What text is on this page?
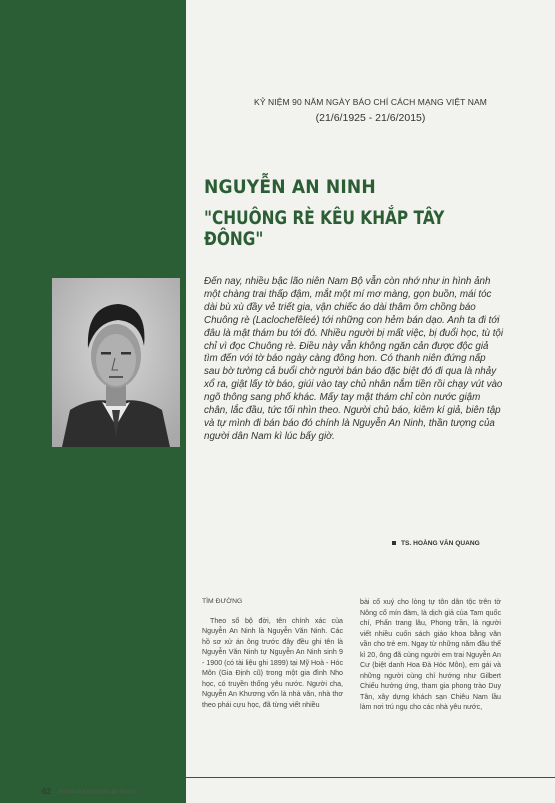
KỶ NIỆM 90 NĂM NGÀY BÁO CHÍ CÁCH MẠNG VIỆT NAM
(21/6/1925 - 21/6/2015)
NGUYỄN AN NINH
"CHUÔNG RÈ KÊU KHẮP TÂY ĐÔNG"
Đến nay, nhiều bậc lão niên Nam Bộ vẫn còn nhớ như in hình ảnh một chàng trai thấp đậm, mắt một mí mơ màng, gọn buồn, mái tóc dài bù xù đầy vẻ triết gia, vận chiếc áo dài thâm ôm chồng báo Chuông rè (Laclochefêleé) tới những con hẻm bán dạo. Anh ta đi tới đâu là mật thám bu tới đó. Nhiều người bị mất việc, bị đuổi học, tù tội chỉ vì đọc Chuông rè. Điều này vẫn không ngăn cản được độc giả tìm đến với tờ báo ngày càng đông hơn. Có thanh niên đứng nấp sau bờ tường cả buổi chờ người bán báo đặc biệt đó đi qua là nhảy xổ ra, giật lấy tờ báo, giúi vào tay chủ nhân nắm tiền rồi chạy vút vào ngõ thông sang phố khác. Mấy tay mật thám chỉ còn nước giậm chân, lắc đầu, tức tối nhìn theo. Người chủ báo, kiêm kí giả, biên tập và tự mình đi bán báo đó chính là Nguyễn An Ninh, thần tượng của người dân Nam kì lúc bấy giờ.
TS. HOÀNG VĂN QUANG
TÌM ĐƯỜNG

Theo sổ bộ đời, tên chính xác của Nguyễn An Ninh là Nguyễn Văn Ninh. Các hồ sơ xử án ông trước đây đều ghi tên là Nguyễn Văn Ninh tự Nguyễn An Ninh sinh 9 - 1900 (có tài liệu ghi 1899) tại Mỹ Hoà - Hóc Môn (Gia Định cũ) trong một gia đình Nho học, có truyền thống yêu nước. Người cha, Nguyễn An Khương vốn là nhà văn, nhà thơ theo phái cựu học, đã từng viết nhiều

bài cổ xuý cho lòng tự tôn dân tộc trên tờ Nông cổ mín đàm, là dịch giả của Tam quốc chí, Phấn trang lâu, Phong trần, là người viết nhiều cuốn sách giáo khoa bằng văn vần cho trẻ em. Ngay từ những năm đầu thế kỉ 20, ông đã cùng người em trai Nguyễn An Cư (biệt danh Hoa Đà Hóc Môn), em gái và những người cùng chí hướng như Gilbert Chiếu hưởng ứng, tham gia phong trào Duy Tân, xây dựng khách sạn Chiêu Nam lầu làm nơi trú ngụ cho các nhà yêu nước,

62 Bản tin Đại học Quốc gia Hà Nội
